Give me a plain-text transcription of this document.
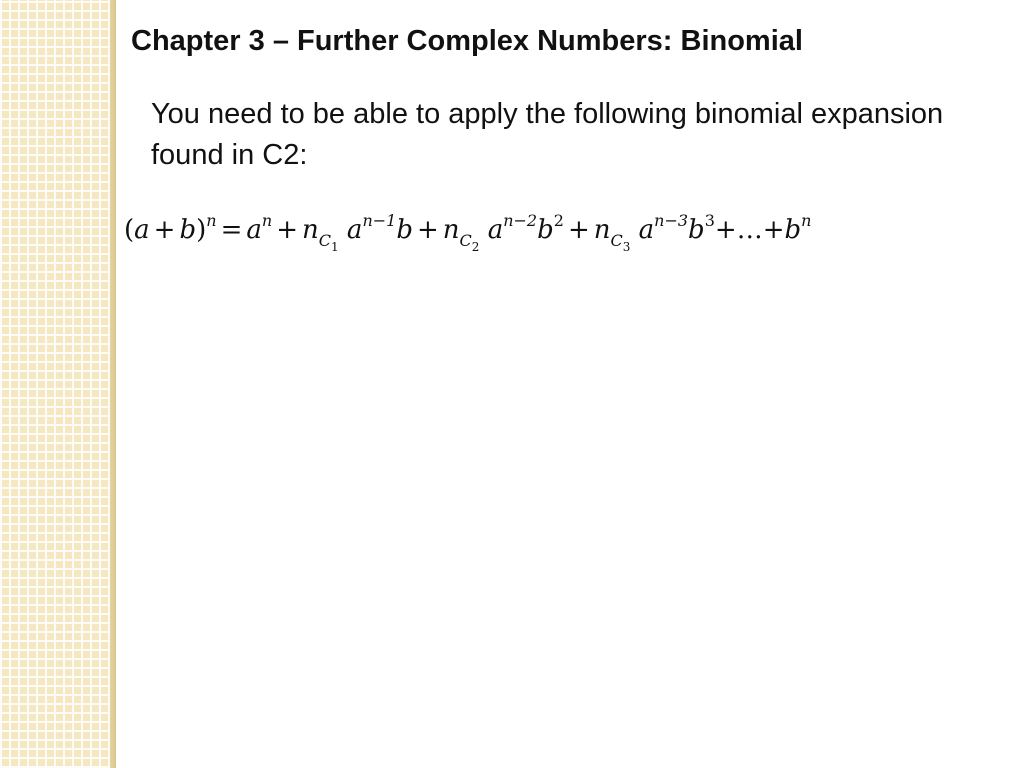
Chapter 3 – Further Complex Numbers: Binomial

You need to be able to apply the following binomial expansion found in C2:

$(a + b)^n = a^n + n_{C_1}$ $a^{n-1}b + n_{C_2}$ $a^{n-2}b^2 + n_{C_3}$ $a^{n-3}b^3+\dots+b^n$
